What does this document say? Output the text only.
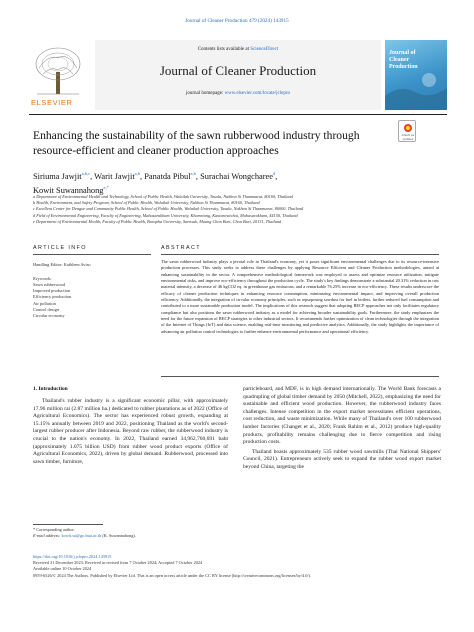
Journal of Cleaner Production 479 (2024) 143915
ELSEVIER
Contents lists available at ScienceDirect
Journal of Cleaner Production
journal homepage: www.elsevier.com/locate/jclepro
Journal of
Cleaner
Production
Enhancing the sustainability of the sawn rubberwood industry through resource-efficient and cleaner production approaches
Check for updates
Siriuma Jawjit$^{a,b,c}$, Warit Jawjit$^{a,b}$, Panatda Pibul$^{a,b}$, Surachai Wongcharee$^d$,
Kowit Suwannahong$^{e,*}$
a Department of Environmental Health and Technology, School of Public Health, Walailak University, Tasala, Nakhon Si Thammarat, 80160, Thailand
b Health, Environment, and Safety Program, School of Public Health, Walailak University, Nakhon Si Thammarat, 80160, Thailand
c Excellent Center for Dengue and Community Public Health, School of Public Health, Walailak University, Tasala, Nakhon Si Thammarat, 80000, Thailand
d Field of Environmental Engineering, Faculty of Engineering, Mahasarakham University, Khamriang, Kantarawichai, Mahasarakham, 44150, Thailand
e Department of Environmental Health, Faculty of Public Health, Burapha University, Saensuk, Muang Chon Buri, Chon Buri, 20131, Thailand
ARTICLE INFO	ABSTRACT
Handling Editor: Kathleen Aviso
Keywords:
Sawn rubberwood
Improved production
Efficiency production
Air pollution
Control design
Circular economy
The sawn rubberwood industry plays a pivotal role in Thailand's economy, yet it poses significant environmental challenges due to its resource-intensive production processes. This study seeks to address these challenges by applying Resource Efficient and Cleaner Production methodologies, aimed at enhancing sustainability in the sector. A comprehensive methodological framework was employed to assess and optimize resource utilization, mitigate environmental risks, and improve eco-efficiency throughout the production cycle. The study's key findings demonstrate a substantial 20.31% reduction in raw material intensity, a decrease of 46 kgCO2 eq. in greenhouse gas emissions, and a remarkable 76.25% increase in eco-efficiency. These results underscore the efficacy of cleaner production techniques in enhancing resource consumption, minimizing environmental impact, and improving overall production efficiency. Additionally, the integration of circular economy principles, such as repurposing sawdust for fuel in boilers, further reduced fuel consumption and contributed to a more sustainable production model. The implications of this research suggest that adopting RECP approaches not only facilitates regulatory compliance but also positions the sawn rubberwood industry as a model for achieving broader sustainability goals. Furthermore, the study emphasizes the need for the future expansion of RECP strategies to other industrial sectors. It recommends further optimization of clean technologies through the integration of the Internet of Things (IoT) and data science, enabling real-time monitoring and predictive analytics. Additionally, the study highlights the importance of advancing air pollution control technologies to further enhance environmental performance and operational efficiency.
1. Introduction
Thailand's rubber industry is a significant economic pillar, with approximately 17.96 million rai (2.87 million ha.) dedicated to rubber plantations as of 2022 (Office of Agricultural Economics). The sector has experienced robust growth, expanding at 15.15% annually between 2019 and 2022, positioning Thailand as the world's second-largest rubber producer after Indonesia. Beyond raw rubber, the rubberwood industry is crucial to the nation's economy. In 2022, Thailand earned 34,962,760,691 baht (approximately 1.075 billion USD) from rubber wood product exports (Office of Agricultural Economics, 2022), driven by global demand. Rubberwood, processed into sawn timber, furniture,

particleboard, and MDF, is in high demand internationally. The World Bank forecasts a quadrupling of global timber demand by 2050 (Mitchell, 2022), emphasizing the need for sustainable and efficient wood production. However, the rubberwood industry faces challenges. Intense competition in the export market necessitates efficient operations, cost reduction, and waste minimization. While many of Thailand's over 100 rubberwood lumber factories (Changet et al., 2020; Frank Rahim et al., 2012) produce high-quality products, profitability remains challenging due to fierce competition and rising production costs.

Thailand boasts approximately 535 rubber wood sawmills (Thai National Shippers' Council, 2021). Entrepreneurs actively seek to expand the rubber wood export market beyond China, targeting the

* Corresponding author.
E-mail address: kowit.su@go.buu.ac.th (K. Suwannahong).
https://doi.org/10.1016/j.jclepro.2024.143915
Received 21 December 2023; Received in revised form 7 October 2024; Accepted 7 October 2024
Available online 10 October 2024
0959-6526/© 2024 The Authors. Published by Elsevier Ltd. This is an open access article under the CC BY license (http://creativecommons.org/licenses/by/4.0/).
